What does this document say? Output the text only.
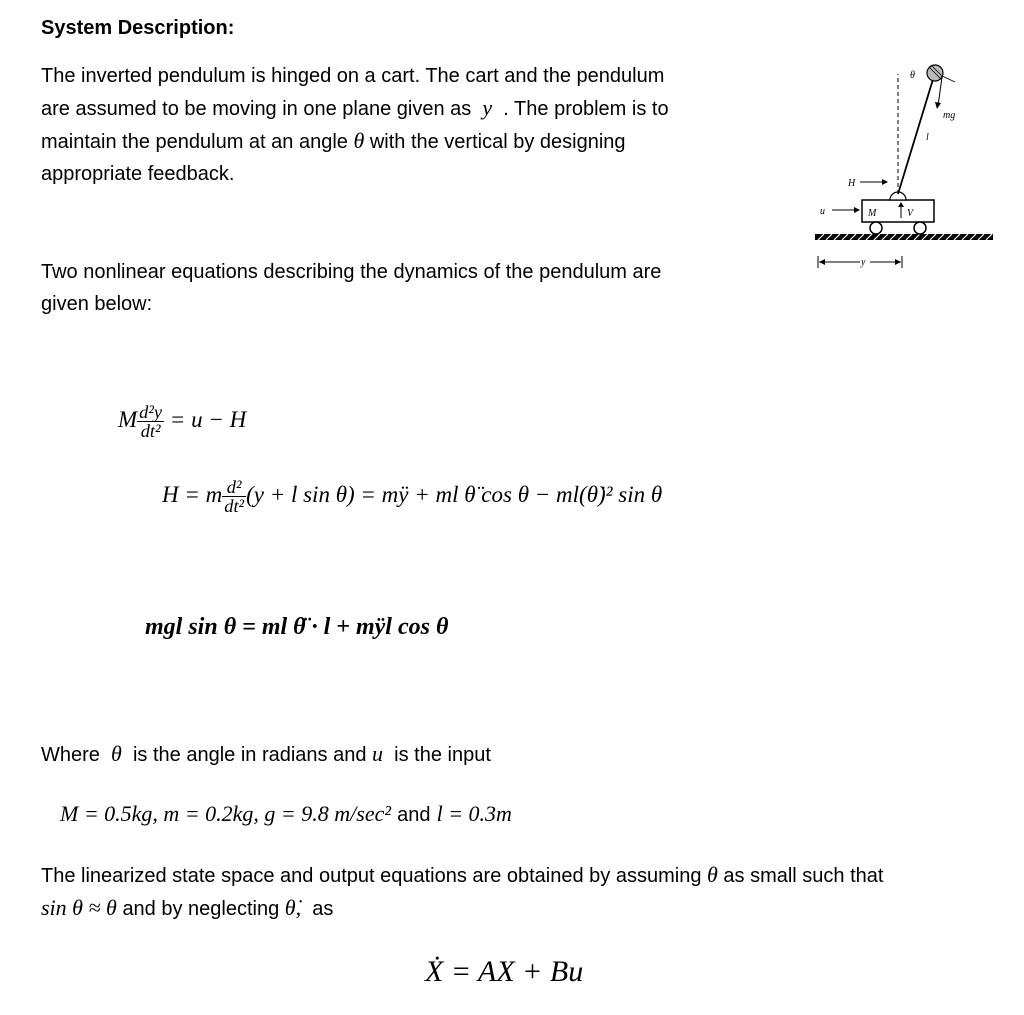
System Description:
The inverted pendulum is hinged on a cart. The cart and the pendulum
are assumed to be moving in one plane given as y . The problem is to
maintain the pendulum at an angle θ with the vertical by designing
appropriate feedback.
M	V
mg
θ
l
H
u
y
Two nonlinear equations describing the dynamics of the pendulum are
given below:
M $\frac{\text{d²y}}{\text{dt²}} = u - H$
H = m $\frac{\text{d²}}{\text{dt²}} (y + l$ sin θ) = mÿ + ml θ̈ cos θ − ml(θ̇)² sin θ
mgl sin θ = ml θ̈ · l + mÿl cos θ
Where θ is the angle in radians and u is the input
M = 0.5kg, m = 0.2kg, g = 9.8 m/sec² and l = 0.3m
The linearized state space and output equations are obtained by assuming θ as small such that
sin θ ≈ θ and by neglecting θ̇, as
Ẋ = AX + Bu
